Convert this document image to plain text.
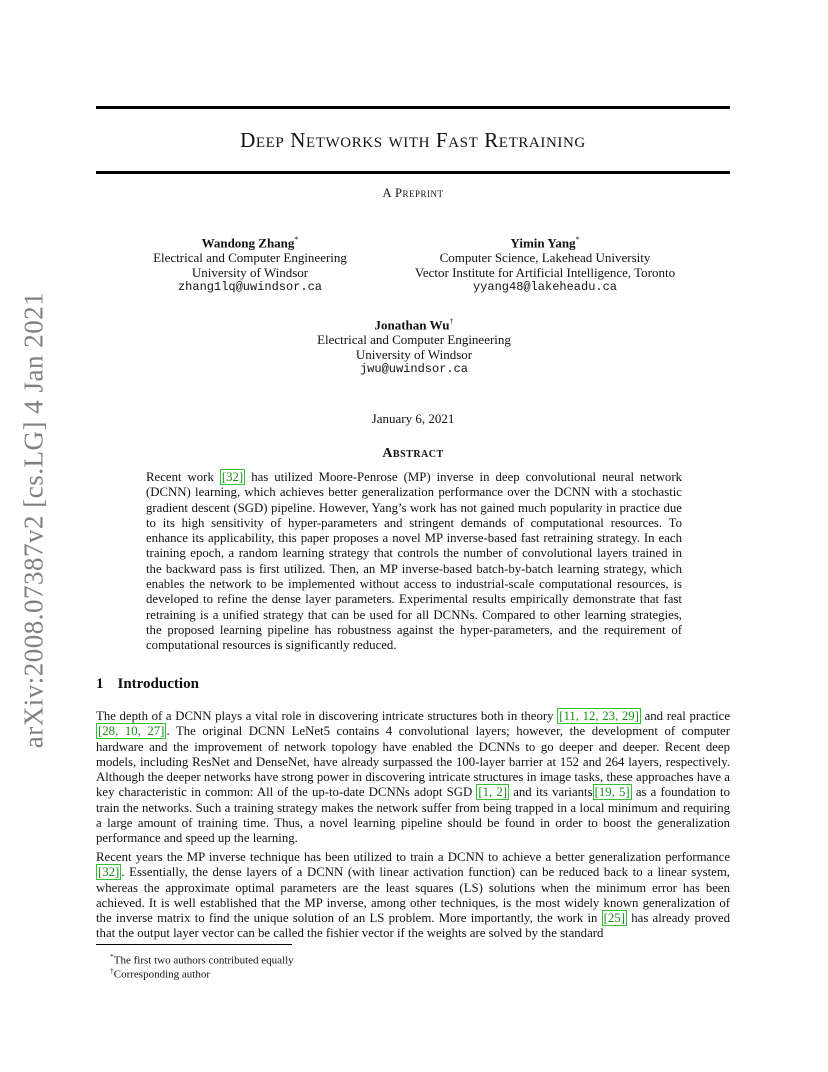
arXiv:2008.07387v2 [cs.LG] 4 Jan 2021
Deep Networks with Fast Retraining
A Preprint
Wandong Zhang*
Electrical and Computer Engineering
University of Windsor
zhang1lq@uwindsor.ca
Yimin Yang*
Computer Science, Lakehead University
Vector Institute for Artificial Intelligence, Toronto
yyang48@lakeheadu.ca
Jonathan Wu†
Electrical and Computer Engineering
University of Windsor
jwu@uwindsor.ca
January 6, 2021
Abstract

Recent work [32] has utilized Moore-Penrose (MP) inverse in deep convolutional neural network (DCNN) learning, which achieves better generalization performance over the DCNN with a stochastic gradient descent (SGD) pipeline. However, Yang’s work has not gained much popularity in practice due to its high sensitivity of hyper-parameters and stringent demands of computational resources. To enhance its applicability, this paper proposes a novel MP inverse-based fast retraining strategy. In each training epoch, a random learning strategy that controls the number of convolutional layers trained in the backward pass is first utilized. Then, an MP inverse-based batch-by-batch learning strategy, which enables the network to be implemented without access to industrial-scale computational resources, is developed to refine the dense layer parameters. Experimental results empirically demonstrate that fast retraining is a unified strategy that can be used for all DCNNs. Compared to other learning strategies, the proposed learning pipeline has robustness against the hyper-parameters, and the requirement of computational resources is significantly reduced.

1 Introduction

The depth of a DCNN plays a vital role in discovering intricate structures both in theory [11, 12, 23, 29] and real practice [28, 10, 27] . The original DCNN LeNet5 contains 4 convolutional layers; however, the development of computer hardware and the improvement of network topology have enabled the DCNNs to go deeper and deeper. Recent deep models, including ResNet and DenseNet, have already surpassed the 100-layer barrier at 152 and 264 layers, respectively. Although the deeper networks have strong power in discovering intricate structures in image tasks, these approaches have a key characteristic in common: All of the up-to-date DCNNs adopt SGD [1, 2] and its variants [19, 5] as a foundation to train the networks. Such a training strategy makes the network suffer from being trapped in a local minimum and requiring a large amount of training time. Thus, a novel learning pipeline should be found in order to boost the generalization performance and speed up the learning.

Recent years the MP inverse technique has been utilized to train a DCNN to achieve a better generalization performance [32] . Essentially, the dense layers of a DCNN (with linear activation function) can be reduced back to a linear system, whereas the approximate optimal parameters are the least squares (LS) solutions when the minimum error has been achieved. It is well established that the MP inverse, among other techniques, is the most widely known generalization of the inverse matrix to find the unique solution of an LS problem. More importantly, the work in [25] has already proved that the output layer vector can be called the fishier vector if the weights are solved by the standard

*The first two authors contributed equally

†Corresponding author
